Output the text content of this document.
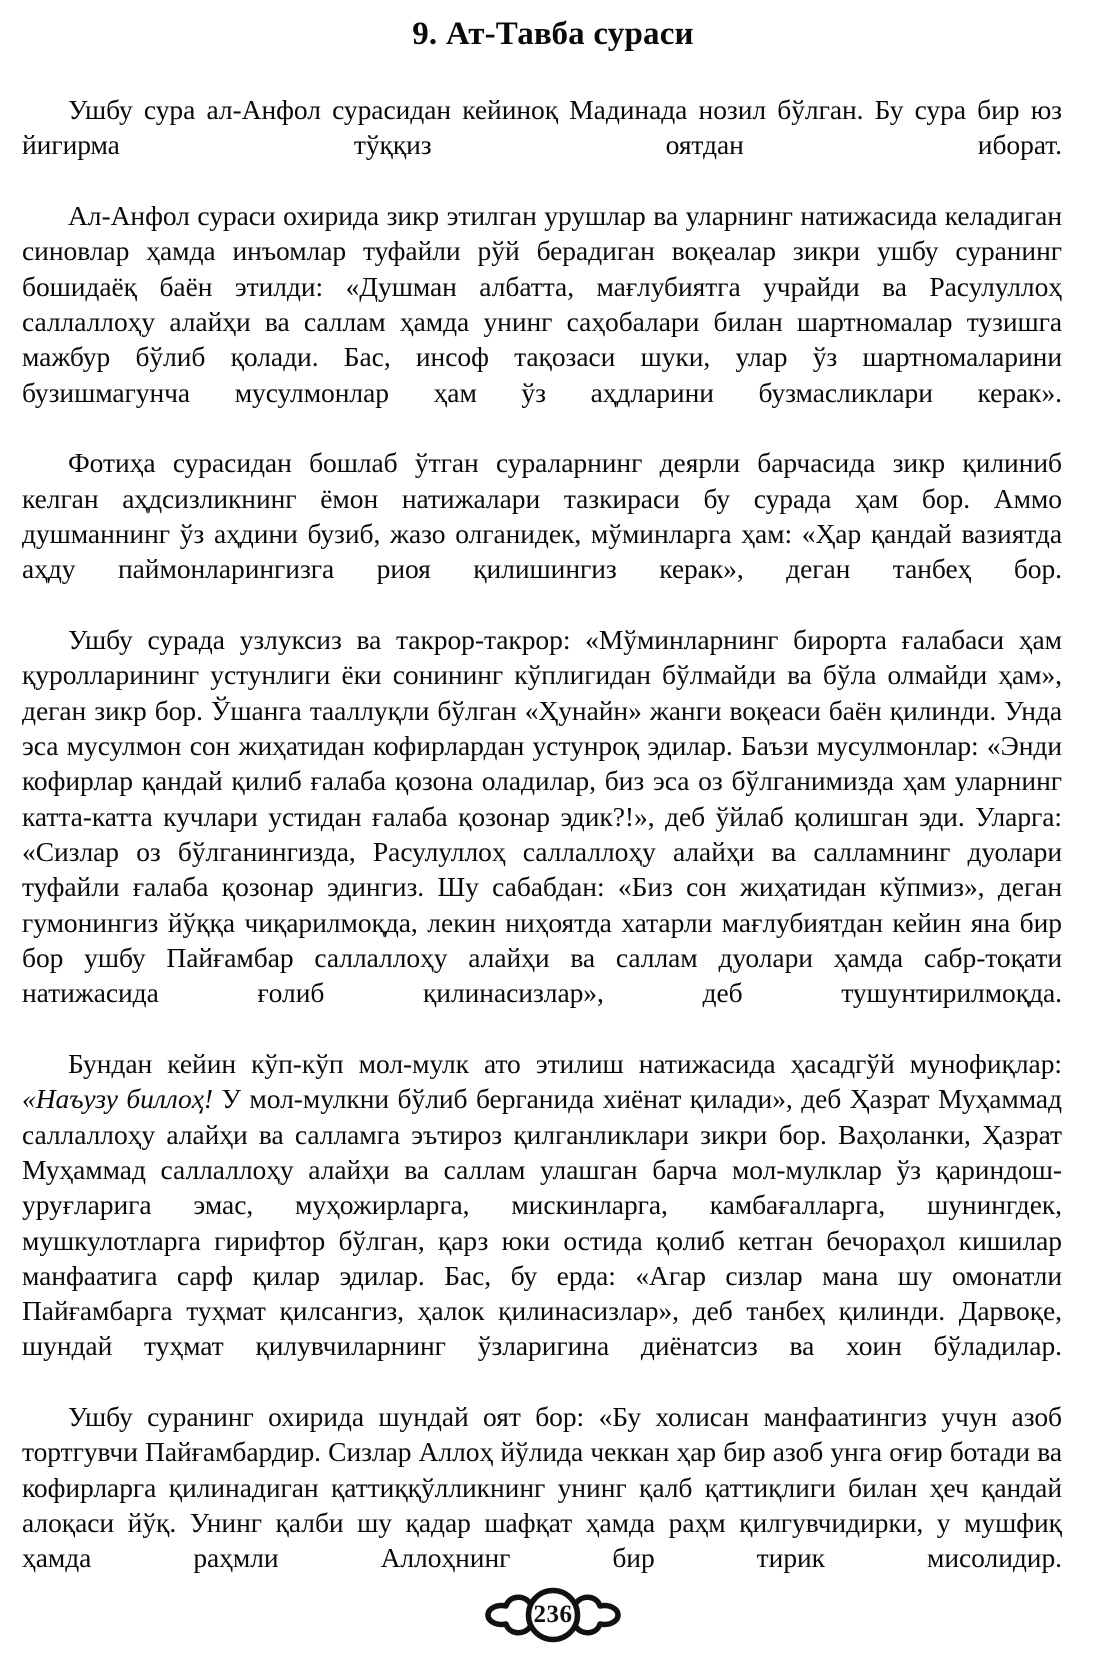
9. Ат-Тавба сураси

Ушбу сура ал-Анфол сурасидан кейиноқ Мадинада нозил бўлган. Бу сура бир юз йигирма тўққиз оятдан иборат.

Ал-Анфол сураси охирида зикр этилган урушлар ва уларнинг натижасида келадиган синовлар ҳамда инъомлар туфайли рўй берадиган воқеалар зикри ушбу суранинг бошидаёқ баён этилди: «Душман албатта, мағлубиятга учрайди ва Расулуллоҳ саллаллоҳу алайҳи ва саллам ҳамда унинг саҳобалари билан шартномалар тузишга мажбур бўлиб қолади. Бас, инсоф тақозаси шуки, улар ўз шартномаларини бузишмагунча мусулмонлар ҳам ўз аҳдларини бузмасликлари керак».

Фотиҳа сурасидан бошлаб ўтган сураларнинг деярли барчасида зикр қилиниб келган аҳдсизликнинг ёмон натижалари тазкираси бу сурада ҳам бор. Аммо душманнинг ўз аҳдини бузиб, жазо олганидек, мўминларга ҳам: «Ҳар қандай вазиятда аҳду паймонларингизга риоя қилишингиз керак», деган танбеҳ бор.

Ушбу сурада узлуксиз ва такрор-такрор: «Мўминларнинг бирорта ғалабаси ҳам қуролларининг устунлиги ёки сонининг кўплигидан бўлмайди ва бўла олмайди ҳам», деган зикр бор. Ўшанга тааллуқли бўлган «Ҳунайн» жанги воқеаси баён қилинди. Унда эса мусулмон сон жиҳатидан кофирлардан устунроқ эдилар. Баъзи мусулмонлар: «Энди кофирлар қандай қилиб ғалаба қозона оладилар, биз эса оз бўлганимизда ҳам уларнинг катта-катта кучлари устидан ғалаба қозонар эдик?!», деб ўйлаб қолишган эди. Уларга: «Сизлар оз бўлганингизда, Расулуллоҳ саллаллоҳу алайҳи ва салламнинг дуолари туфайли ғалаба қозонар эдингиз. Шу сабабдан: «Биз сон жиҳатидан кўпмиз», деган гумонингиз йўққа чиқарилмоқда, лекин ниҳоятда хатарли мағлубиятдан кейин яна бир бор ушбу Пайғамбар саллаллоҳу алайҳи ва саллам дуолари ҳамда сабр-тоқати натижасида ғолиб қилинасизлар», деб тушунтирилмоқда.

Бундан кейин кўп-кўп мол-мулк ато этилиш натижасида ҳасадгўй мунофиқлар: «Наъузу биллоҳ! У мол-мулкни бўлиб берганида хиёнат қилади», деб Ҳазрат Муҳаммад саллаллоҳу алайҳи ва салламга эътироз қилганликлари зикри бор. Ваҳоланки, Ҳазрат Муҳаммад саллаллоҳу алайҳи ва саллам улашган барча мол-мулклар ўз қариндош-уруғларига эмас, муҳожирларга, мискинларга, камбағалларга, шунингдек, мушкулотларга гирифтор бўлган, қарз юки остида қолиб кетган бечораҳол кишилар манфаатига сарф қилар эдилар. Бас, бу ерда: «Агар сизлар мана шу омонатли Пайғамбарга туҳмат қилсангиз, ҳалок қилинасизлар», деб танбеҳ қилинди. Дарвоқе, шундай туҳмат қилувчиларнинг ўзларигина диёнатсиз ва хоин бўладилар.

Ушбу суранинг охирида шундай оят бор: «Бу холисан манфаатингиз учун азоб тортгувчи Пайғамбардир. Сизлар Аллоҳ йўлида чеккан ҳар бир азоб унга оғир ботади ва кофирларга қилинадиган қаттиққўлликнинг унинг қалб қаттиқлиги билан ҳеч қандай алоқаси йўқ. Унинг қалби шу қадар шафқат ҳамда раҳм қилгувчидирки, у мушфиқ ҳамда раҳмли Аллоҳнинг бир тирик мисолидир.

236
